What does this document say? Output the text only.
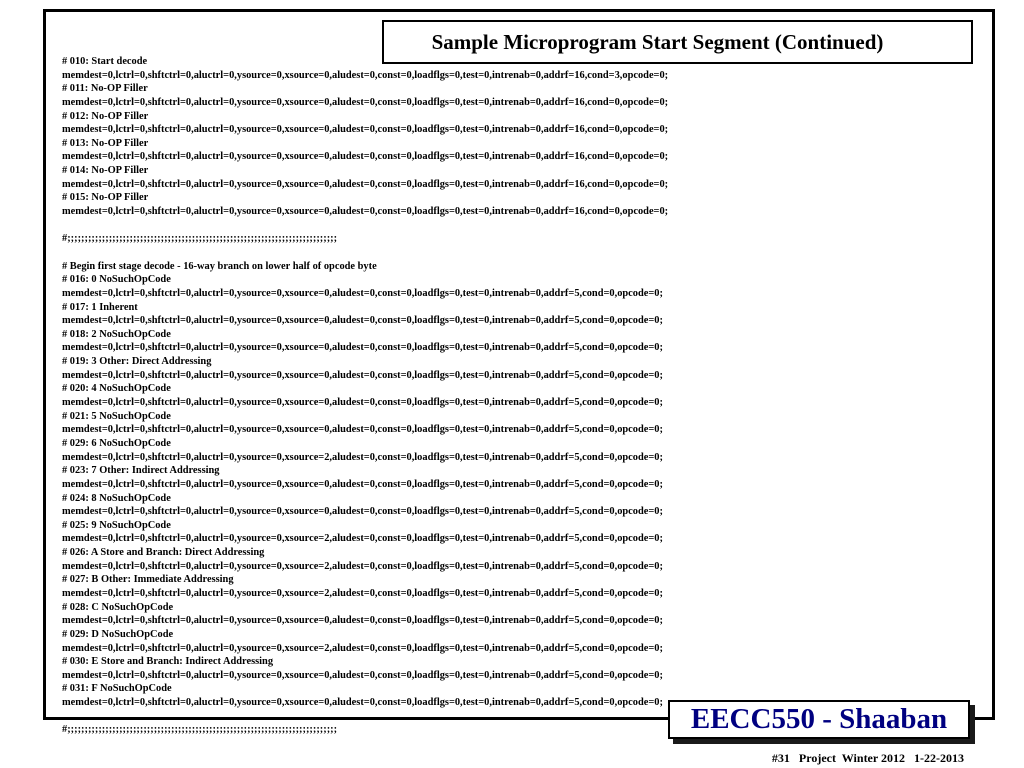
Sample Microprogram Start Segment (Continued)
# 010: Start decode
memdest=0,lctrl=0,shftctrl=0,aluctrl=0,ysource=0,xsource=0,aludest=0,const=0,loadflgs=0,test=0,intrenab=0,addrf=16,cond=3,opcode=0;
# 011: No-OP Filler
memdest=0,lctrl=0,shftctrl=0,aluctrl=0,ysource=0,xsource=0,aludest=0,const=0,loadflgs=0,test=0,intrenab=0,addrf=16,cond=0,opcode=0;
# 012: No-OP Filler
memdest=0,lctrl=0,shftctrl=0,aluctrl=0,ysource=0,xsource=0,aludest=0,const=0,loadflgs=0,test=0,intrenab=0,addrf=16,cond=0,opcode=0;
# 013: No-OP Filler
memdest=0,lctrl=0,shftctrl=0,aluctrl=0,ysource=0,xsource=0,aludest=0,const=0,loadflgs=0,test=0,intrenab=0,addrf=16,cond=0,opcode=0;
# 014: No-OP Filler
memdest=0,lctrl=0,shftctrl=0,aluctrl=0,ysource=0,xsource=0,aludest=0,const=0,loadflgs=0,test=0,intrenab=0,addrf=16,cond=0,opcode=0;
# 015: No-OP Filler
memdest=0,lctrl=0,shftctrl=0,aluctrl=0,ysource=0,xsource=0,aludest=0,const=0,loadflgs=0,test=0,intrenab=0,addrf=16,cond=0,opcode=0;
#;;;;;;;;;;;;;;;;;;;;;;;;;;;;;;;;;;;;;;;;;;;;;;;;;;;;;;;;;;;;;;;;;;;;;;;;;;;;;;
# Begin first stage decode - 16-way branch on lower half of opcode byte
# 016: 0 NoSuchOpCode
memdest=0,lctrl=0,shftctrl=0,aluctrl=0,ysource=0,xsource=0,aludest=0,const=0,loadflgs=0,test=0,intrenab=0,addrf=5,cond=0,opcode=0;
# 017: 1 Inherent
memdest=0,lctrl=0,shftctrl=0,aluctrl=0,ysource=0,xsource=0,aludest=0,const=0,loadflgs=0,test=0,intrenab=0,addrf=5,cond=0,opcode=0;
# 018: 2 NoSuchOpCode
memdest=0,lctrl=0,shftctrl=0,aluctrl=0,ysource=0,xsource=0,aludest=0,const=0,loadflgs=0,test=0,intrenab=0,addrf=5,cond=0,opcode=0;
# 019: 3 Other: Direct Addressing
memdest=0,lctrl=0,shftctrl=0,aluctrl=0,ysource=0,xsource=0,aludest=0,const=0,loadflgs=0,test=0,intrenab=0,addrf=5,cond=0,opcode=0;
# 020: 4 NoSuchOpCode
memdest=0,lctrl=0,shftctrl=0,aluctrl=0,ysource=0,xsource=0,aludest=0,const=0,loadflgs=0,test=0,intrenab=0,addrf=5,cond=0,opcode=0;
# 021: 5 NoSuchOpCode
memdest=0,lctrl=0,shftctrl=0,aluctrl=0,ysource=0,xsource=0,aludest=0,const=0,loadflgs=0,test=0,intrenab=0,addrf=5,cond=0,opcode=0;
# 029: 6 NoSuchOpCode
memdest=0,lctrl=0,shftctrl=0,aluctrl=0,ysource=0,xsource=2,aludest=0,const=0,loadflgs=0,test=0,intrenab=0,addrf=5,cond=0,opcode=0;
# 023: 7 Other: Indirect Addressing
memdest=0,lctrl=0,shftctrl=0,aluctrl=0,ysource=0,xsource=0,aludest=0,const=0,loadflgs=0,test=0,intrenab=0,addrf=5,cond=0,opcode=0;
# 024: 8 NoSuchOpCode
memdest=0,lctrl=0,shftctrl=0,aluctrl=0,ysource=0,xsource=0,aludest=0,const=0,loadflgs=0,test=0,intrenab=0,addrf=5,cond=0,opcode=0;
# 025: 9 NoSuchOpCode
memdest=0,lctrl=0,shftctrl=0,aluctrl=0,ysource=0,xsource=2,aludest=0,const=0,loadflgs=0,test=0,intrenab=0,addrf=5,cond=0,opcode=0;
# 026: A Store and Branch: Direct Addressing
memdest=0,lctrl=0,shftctrl=0,aluctrl=0,ysource=0,xsource=2,aludest=0,const=0,loadflgs=0,test=0,intrenab=0,addrf=5,cond=0,opcode=0;
# 027: B Other: Immediate Addressing
memdest=0,lctrl=0,shftctrl=0,aluctrl=0,ysource=0,xsource=2,aludest=0,const=0,loadflgs=0,test=0,intrenab=0,addrf=5,cond=0,opcode=0;
# 028: C NoSuchOpCode
memdest=0,lctrl=0,shftctrl=0,aluctrl=0,ysource=0,xsource=0,aludest=0,const=0,loadflgs=0,test=0,intrenab=0,addrf=5,cond=0,opcode=0;
# 029: D NoSuchOpCode
memdest=0,lctrl=0,shftctrl=0,aluctrl=0,ysource=0,xsource=2,aludest=0,const=0,loadflgs=0,test=0,intrenab=0,addrf=5,cond=0,opcode=0;
# 030: E Store and Branch: Indirect Addressing
memdest=0,lctrl=0,shftctrl=0,aluctrl=0,ysource=0,xsource=0,aludest=0,const=0,loadflgs=0,test=0,intrenab=0,addrf=5,cond=0,opcode=0;
# 031: F NoSuchOpCode
memdest=0,lctrl=0,shftctrl=0,aluctrl=0,ysource=0,xsource=0,aludest=0,const=0,loadflgs=0,test=0,intrenab=0,addrf=5,cond=0,opcode=0;
#;;;;;;;;;;;;;;;;;;;;;;;;;;;;;;;;;;;;;;;;;;;;;;;;;;;;;;;;;;;;;;;;;;;;;;;;;;;;;;	EECC550 - Shaaban
#31   Project  Winter 2012   1-22-2013
